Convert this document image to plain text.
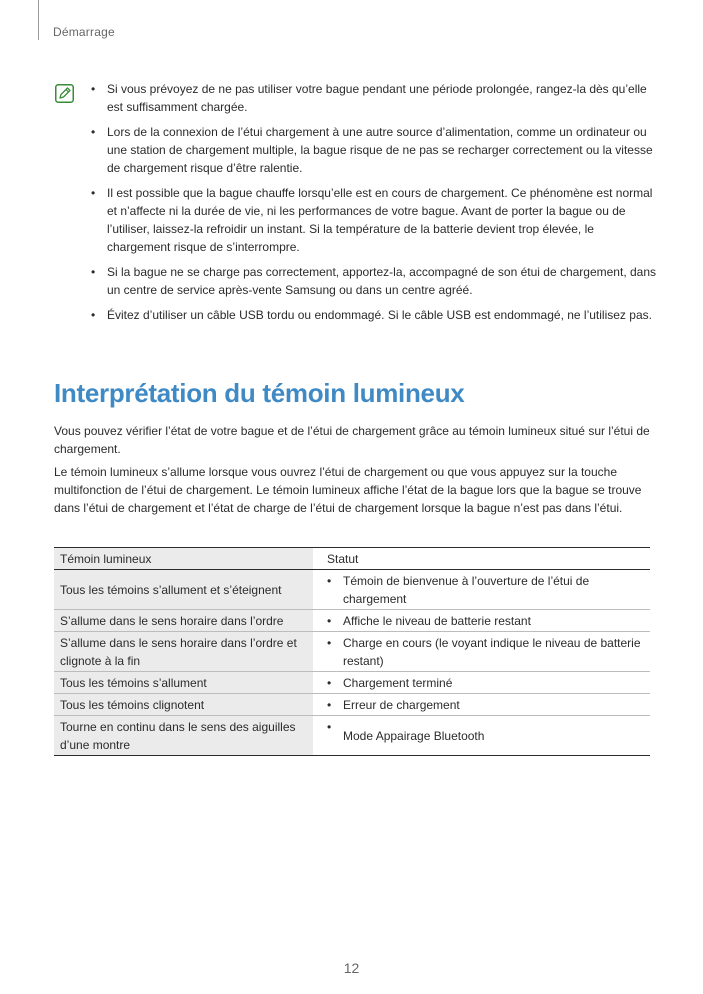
Démarrage
• Si vous prévoyez de ne pas utiliser votre bague pendant une période prolongée, rangez-la dès qu’elle est suffisamment chargée.
• Lors de la connexion de l’étui chargement à une autre source d’alimentation, comme un ordinateur ou une station de chargement multiple, la bague risque de ne pas se recharger correctement ou la vitesse de chargement risque d’être ralentie.
• Il est possible que la bague chauffe lorsqu’elle est en cours de chargement. Ce phénomène est normal et n’affecte ni la durée de vie, ni les performances de votre bague. Avant de porter la bague ou de l’utiliser, laissez-la refroidir un instant. Si la température de la batterie devient trop élevée, le chargement risque de s’interrompre.
• Si la bague ne se charge pas correctement, apportez-la, accompagné de son étui de chargement, dans un centre de service après-vente Samsung ou dans un centre agréé.
• Évitez d’utiliser un câble USB tordu ou endommagé. Si le câble USB est endommagé, ne l’utilisez pas.
Interprétation du témoin lumineux

Vous pouvez vérifier l’état de votre bague et de l’étui de chargement grâce au témoin lumineux situé sur l’étui de chargement.

Le témoin lumineux s’allume lorsque vous ouvrez l’étui de chargement ou que vous appuyez sur la touche multifonction de l’étui de chargement. Le témoin lumineux affiche l’état de la bague lors que la bague se trouve dans l’étui de chargement et l’état de charge de l’étui de chargement lorsque la bague n’est pas dans l’étui.

Témoin lumineux	Statut
Tous les témoins s’allument et s’éteignent	• Témoin de bienvenue à l’ouverture de l’étui de chargement
S’allume dans le sens horaire dans l’ordre	• Affiche le niveau de batterie restant
S’allume dans le sens horaire dans l’ordre et clignote à la fin	• Charge en cours (le voyant indique le niveau de batterie restant)
Tous les témoins s’allument	• Chargement terminé
Tous les témoins clignotent	• Erreur de chargement
Tourne en continu dans le sens des aiguilles d’une montre	• Mode Appairage Bluetooth
12
